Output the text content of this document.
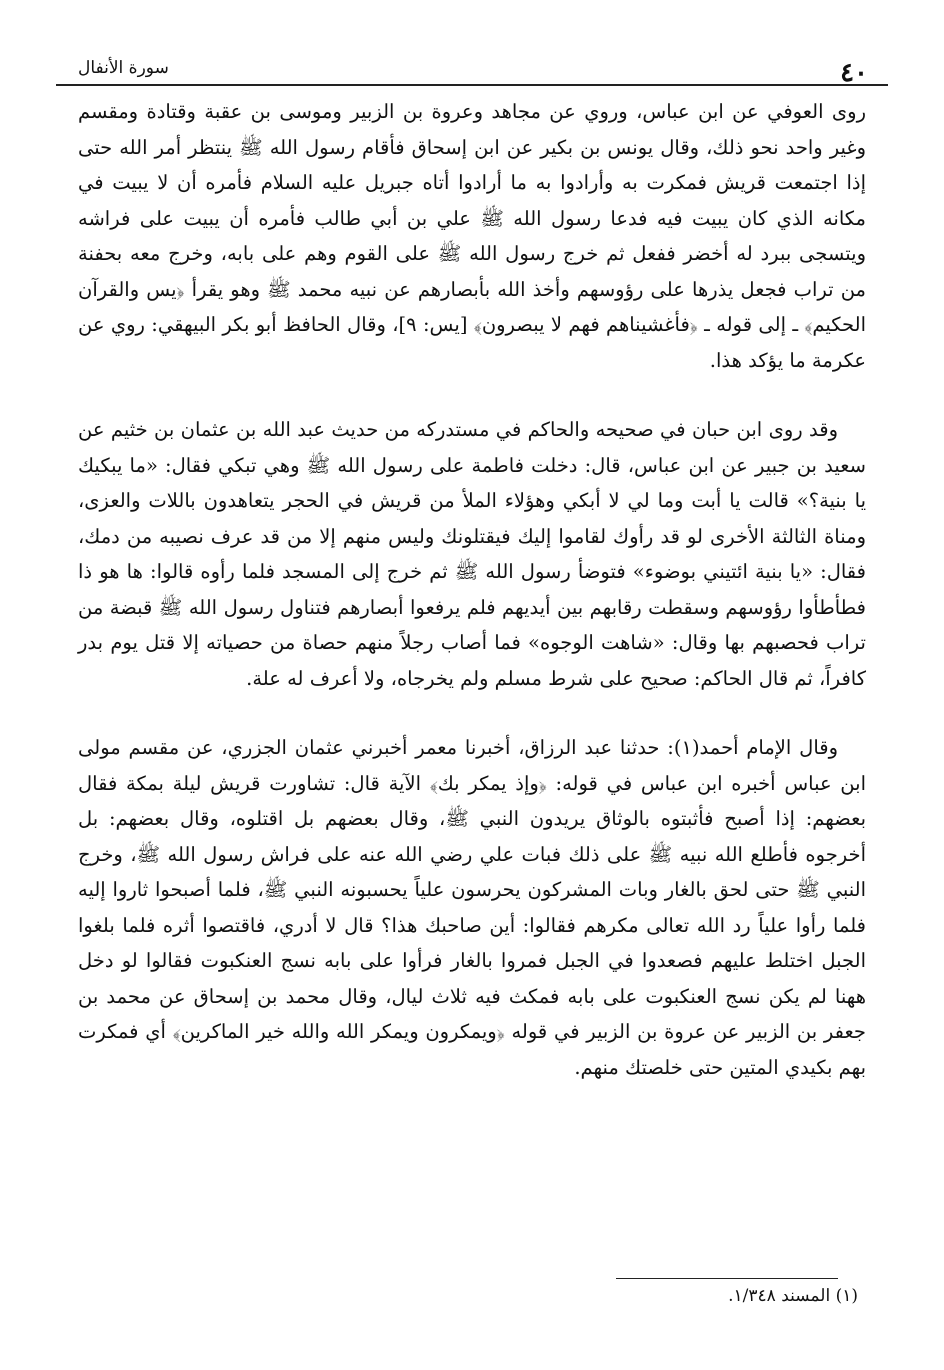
٤٠
سورة الأنفال

روى العوفي عن ابن عباس، وروي عن مجاهد وعروة بن الزبير وموسى بن عقبة وقتادة ومقسم وغير واحد نحو ذلك، وقال يونس بن بكير عن ابن إسحاق فأقام رسول الله ﷺ ينتظر أمر الله حتى إذا اجتمعت قريش فمكرت به وأرادوا به ما أرادوا أتاه جبريل عليه السلام فأمره أن لا يبيت في مكانه الذي كان يبيت فيه فدعا رسول الله ﷺ علي بن أبي طالب فأمره أن يبيت على فراشه ويتسجى ببرد له أخضر ففعل ثم خرج رسول الله ﷺ على القوم وهم على بابه، وخرج معه بحفنة من تراب فجعل يذرها على رؤوسهم وأخذ الله بأبصارهم عن نبيه محمد ﷺ وهو يقرأ ﴿يس والقرآن الحكيم﴾ ـ إلى قوله ـ ﴿فأغشيناهم فهم لا يبصرون﴾ [يس: ٩]، وقال الحافظ أبو بكر البيهقي: روي عن عكرمة ما يؤكد هذا.

وقد روى ابن حبان في صحيحه والحاكم في مستدركه من حديث عبد الله بن عثمان بن خثيم عن سعيد بن جبير عن ابن عباس، قال: دخلت فاطمة على رسول الله ﷺ وهي تبكي فقال: «ما يبكيك يا بنية؟» قالت يا أبت وما لي لا أبكي وهؤلاء الملأ من قريش في الحجر يتعاهدون باللات والعزى، ومناة الثالثة الأخرى لو قد رأوك لقاموا إليك فيقتلونك وليس منهم إلا من قد عرف نصيبه من دمك، فقال: «يا بنية ائتيني بوضوء» فتوضأ رسول الله ﷺ ثم خرج إلى المسجد فلما رأوه قالوا: ها هو ذا فطأطأوا رؤوسهم وسقطت رقابهم بين أيديهم فلم يرفعوا أبصارهم فتناول رسول الله ﷺ قبضة من تراب فحصبهم بها وقال: «شاهت الوجوه» فما أصاب رجلاً منهم حصاة من حصياته إلا قتل يوم بدر كافراً، ثم قال الحاكم: صحيح على شرط مسلم ولم يخرجاه، ولا أعرف له علة.

وقال الإمام أحمد(١): حدثنا عبد الرزاق، أخبرنا معمر أخبرني عثمان الجزري، عن مقسم مولى ابن عباس أخبره ابن عباس في قوله: ﴿وإذ يمكر بك﴾ الآية قال: تشاورت قريش ليلة بمكة فقال بعضهم: إذا أصبح فأثبتوه بالوثاق يريدون النبي ﷺ، وقال بعضهم بل اقتلوه، وقال بعضهم: بل أخرجوه فأطلع الله نبيه ﷺ على ذلك فبات علي رضي الله عنه على فراش رسول الله ﷺ، وخرج النبي ﷺ حتى لحق بالغار وبات المشركون يحرسون علياً يحسبونه النبي ﷺ، فلما أصبحوا ثاروا إليه فلما رأوا علياً رد الله تعالى مكرهم فقالوا: أين صاحبك هذا؟ قال لا أدري، فاقتصوا أثره فلما بلغوا الجبل اختلط عليهم فصعدوا في الجبل فمروا بالغار فرأوا على بابه نسج العنكبوت فقالوا لو دخل ههنا لم يكن نسج العنكبوت على بابه فمكث فيه ثلاث ليال، وقال محمد بن إسحاق عن محمد بن جعفر بن الزبير عن عروة بن الزبير في قوله ﴿ويمكرون ويمكر الله والله خير الماكرين﴾ أي فمكرت بهم بكيدي المتين حتى خلصتك منهم.

(١) المسند ١/٣٤٨.
